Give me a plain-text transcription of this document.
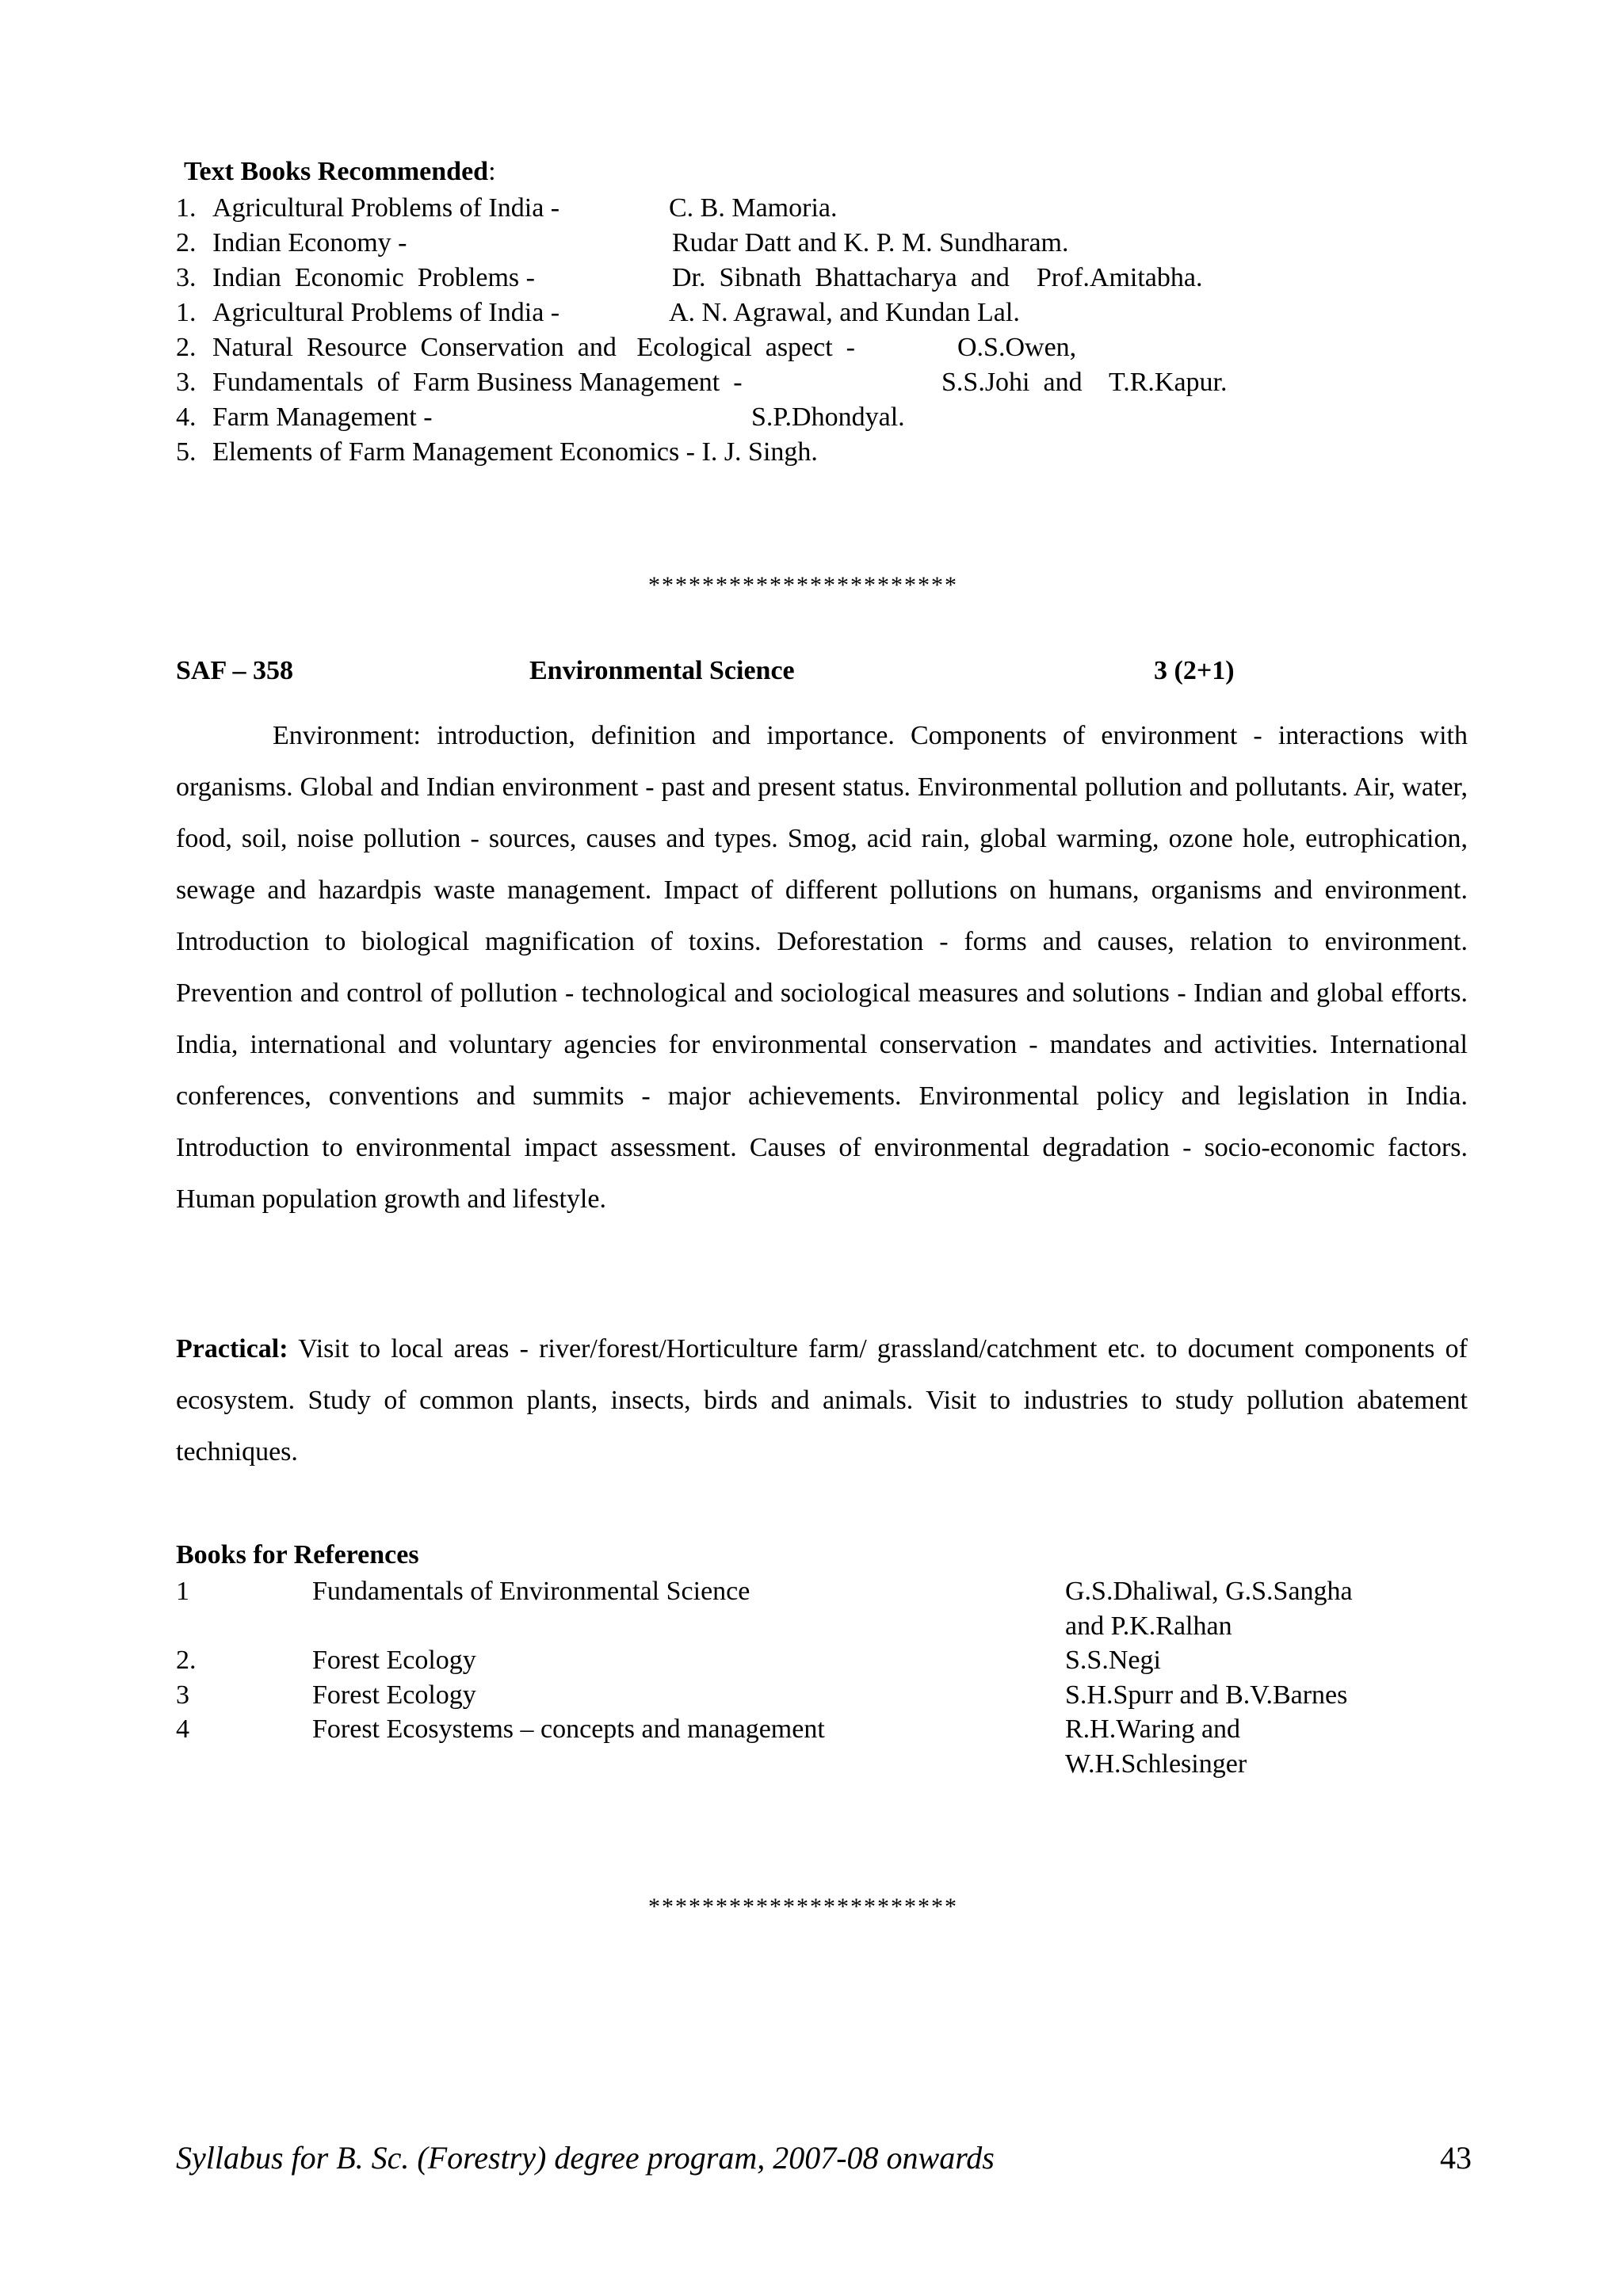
Text Books Recommended:
1. Agricultural Problems of India -	C. B. Mamoria.
2. Indian Economy -	Rudar Datt and K. P. M. Sundharam.
3. Indian  Economic  Problems -	Dr.  Sibnath  Bhattacharya  and    Prof.Amitabha.
1. Agricultural Problems of India -	A. N. Agrawal, and Kundan Lal.
2. Natural  Resource  Conservation  and   Ecological  aspect  -	O.S.Owen,
3. Fundamentals  of  Farm Business Management  -	S.S.Johi  and    T.R.Kapur.
4. Farm Management -	S.P.Dhondyal.
5. Elements of Farm Management Economics - I. J. Singh.
***********************
SAF – 358	Environmental Science	3 (2+1)

Environment: introduction, definition and importance. Components of environment - interactions with organisms. Global and Indian environment - past and present status. Environmental pollution and pollutants. Air, water, food, soil, noise pollution - sources, causes and types. Smog, acid rain, global warming, ozone hole, eutrophication, sewage and hazardpis waste management. Impact of different pollutions on humans, organisms and environment. Introduction to biological magnification of toxins. Deforestation - forms and causes, relation to environment. Prevention and control of pollution - technological and sociological measures and solutions - Indian and global efforts. India, international and voluntary agencies for environmental conservation - mandates and activities. International conferences, conventions and summits - major achievements. Environmental policy and legislation in India. Introduction to environmental impact assessment. Causes of environmental degradation - socio-economic factors. Human population growth and lifestyle.

Practical: Visit to local areas - river/forest/Horticulture farm/ grassland/catchment etc. to document components of ecosystem. Study of common plants, insects, birds and animals. Visit to industries to study pollution abatement techniques.

Books for References
1	Fundamentals of Environmental Science	G.S.Dhaliwal, G.S.Sangha
and P.K.Ralhan
2.	Forest Ecology	S.S.Negi
3	Forest Ecology	S.H.Spurr and B.V.Barnes
4	Forest Ecosystems – concepts and management	R.H.Waring and
W.H.Schlesinger
***********************
Syllabus for B. Sc. (Forestry) degree program, 2007-08 onwards	43
